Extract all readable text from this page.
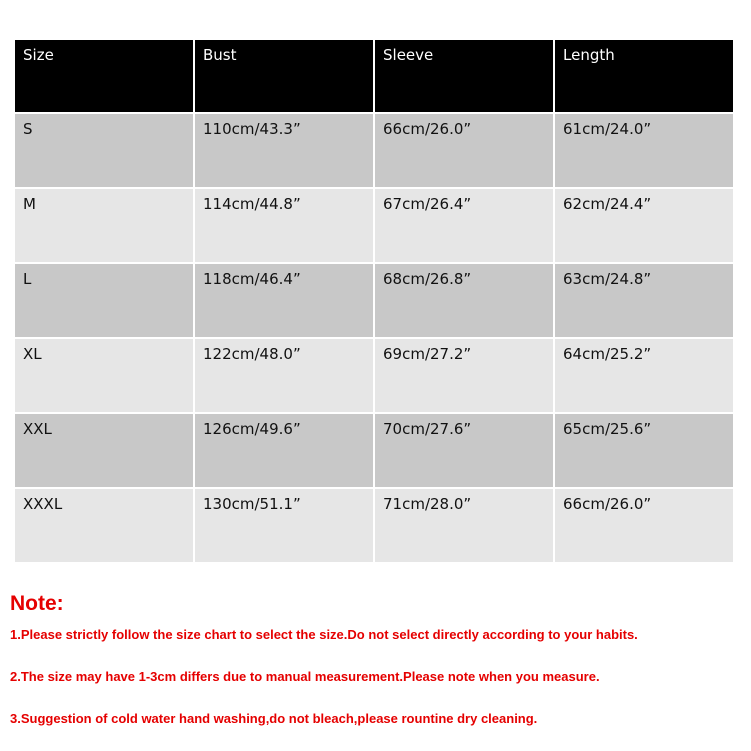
Size	Bust	Sleeve	Length
S	110cm/43.3”	66cm/26.0”	61cm/24.0”
M	114cm/44.8”	67cm/26.4”	62cm/24.4”
L	118cm/46.4”	68cm/26.8”	63cm/24.8”
XL	122cm/48.0”	69cm/27.2”	64cm/25.2”
XXL	126cm/49.6”	70cm/27.6”	65cm/25.6”
XXXL	130cm/51.1”	71cm/28.0”	66cm/26.0”
Note:
1.Please strictly follow the size chart to select the size.Do not select directly according to your habits.
2.The size may have 1-3cm differs due to manual measurement.Please note when you measure.
3.Suggestion of cold water hand washing,do not bleach,please rountine dry cleaning.
